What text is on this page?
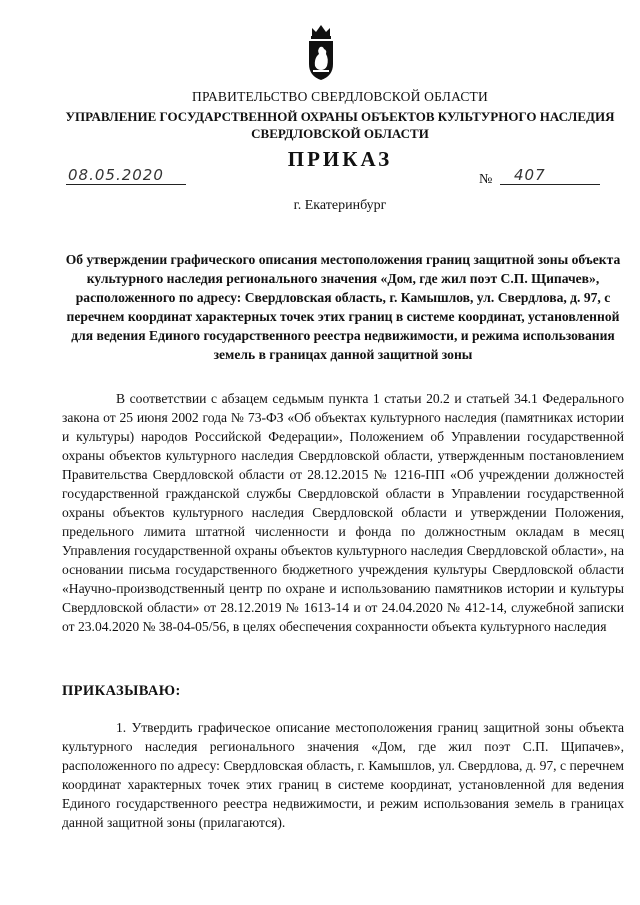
ПРАВИТЕЛЬСТВО СВЕРДЛОВСКОЙ ОБЛАСТИ
УПРАВЛЕНИЕ ГОСУДАРСТВЕННОЙ ОХРАНЫ ОБЪЕКТОВ КУЛЬТУРНОГО НАСЛЕДИЯ СВЕРДЛОВСКОЙ ОБЛАСТИ
ПРИКАЗ
08.05.2020	№ 407
г. Екатеринбург
Об утверждении графического описания местоположения границ защитной зоны объекта культурного наследия регионального значения «Дом, где жил поэт С.П. Щипачев», расположенного по адресу: Свердловская область, г. Камышлов, ул. Свердлова, д. 97, с перечнем координат характерных точек этих границ в системе координат, установленной для ведения Единого государственного реестра недвижимости, и режима использования земель в границах данной защитной зоны

В соответствии с абзацем седьмым пункта 1 статьи 20.2 и статьей 34.1 Федерального закона от 25 июня 2002 года № 73-ФЗ «Об объектах культурного наследия (памятниках истории и культуры) народов Российской Федерации», Положением об Управлении государственной охраны объектов культурного наследия Свердловской области, утвержденным постановлением Правительства Свердловской области от 28.12.2015 № 1216-ПП «Об учреждении должностей государственной гражданской службы Свердловской области в Управлении государственной охраны объектов культурного наследия Свердловской области и утверждении Положения, предельного лимита штатной численности и фонда по должностным окладам в месяц Управления государственной охраны объектов культурного наследия Свердловской области», на основании письма государственного бюджетного учреждения культуры Свердловской области «Научно-производственный центр по охране и использованию памятников истории и культуры Свердловской области» от 28.12.2019 № 1613-14 и от 24.04.2020 № 412-14, служебной записки от 23.04.2020 № 38-04-05/56, в целях обеспечения сохранности объекта культурного наследия

ПРИКАЗЫВАЮ:

1. Утвердить графическое описание местоположения границ защитной зоны объекта культурного наследия регионального значения «Дом, где жил поэт С.П. Щипачев», расположенного по адресу: Свердловская область, г. Камышлов, ул. Свердлова, д. 97, с перечнем координат характерных точек этих границ в системе координат, установленной для ведения Единого государственного реестра недвижимости, и режим использования земель в границах данной защитной зоны (прилагаются).
